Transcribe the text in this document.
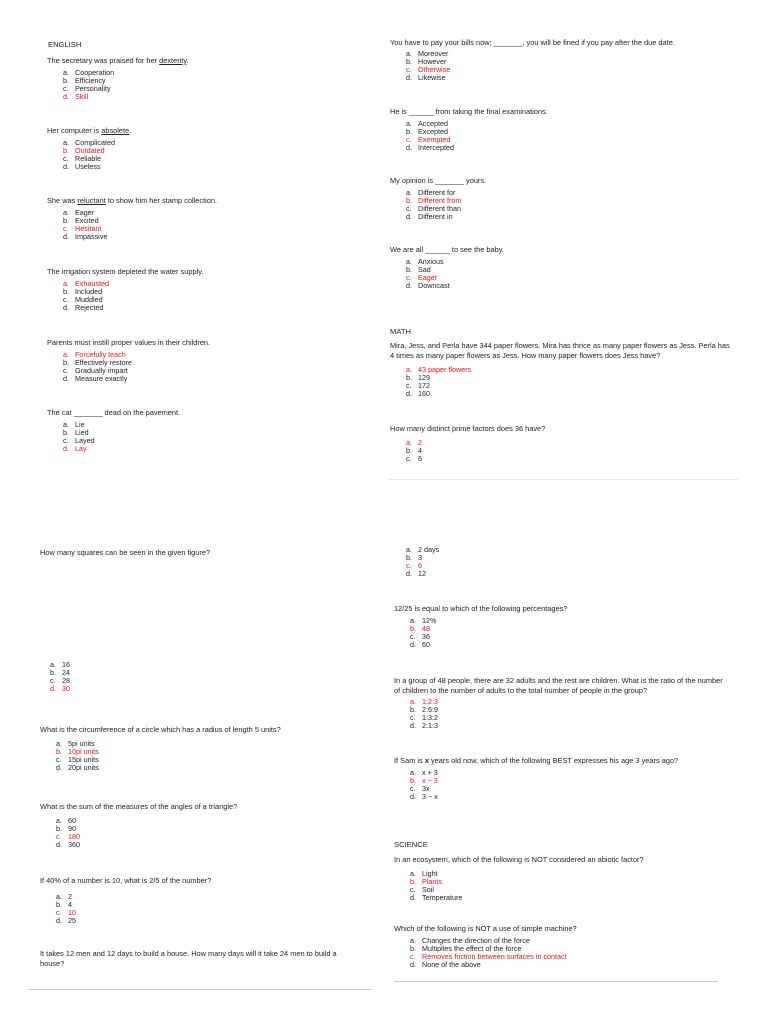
ENGLISH

The secretary was praised for her dexterity.

a. Cooperation
b. Efficiency
c. Personality
d. Skill

Her computer is absolete.

a. Complicated
b. Outdated
c. Reliable
d. Useless

She was reluctant to show him her stamp collection.

a. Eager
b. Excited
c. Hesitant
d. Impassive

The irrigation system depleted the water supply.

a. Exhausted
b. Included
c. Muddled
d. Rejected

Parents must instill proper values in their children.

a. Forcefully teach
b. Effectively restore
c. Gradually impart
d. Measure exactly

The cat _______ dead on the pavement.

a. Lie
b. Lied
c. Layed
d. Lay

You have to pay your bills now; _______, you will be fined if you pay after the due date.

a. Moreover
b. However
c. Otherwise
d. Likewise

He is ______ from taking the final examinations.

a. Accepted
b. Excepted
c. Exempted
d. Intercepted

My opinion is _______ yours.

a. Different for
b. Different from
c. Different than
d. Different in

We are all ______ to see the baby.

a. Anxious
b. Sad
c. Eager
d. Downcast
MATH

Mira, Jess, and Perla have 344 paper flowers. Mira has thrice as many paper flowers as Jess. Perla has 4 times as many paper flowers as Jess. How many paper flowers does Jess have?

a. 43 paper flowers
b. 129
c. 172
d. 160

How many distinct prime factors does 36 have?

a. 2
b. 4
c. 6

How many squares can be seen in the given figure?

a. 16
b. 24
c. 28
d. 30

What is the circumference of a circle which has a radius of length 5 units?

a. 5pi units
b. 10pi units
c. 15pi units
d. 20pi units

What is the sum of the measures of the angles of a triangle?

a. 60
b. 90
c. 180
d. 360

If 40% of a number is 10, what is 2/5 of the number?

a. 2
b. 4
c. 10
d. 25

It takes 12 men and 12 days to build a house. How many days will it take 24 men to build a house?

a. 2 days
b. 3
c. 6
d. 12

12/25 is equal to which of the following percentages?

a. 12%
b. 48
c. 36
d. 60

In a group of 48 people, there are 32 adults and the rest are children. What is the ratio of the number of children to the number of adults to the total number of people in the group?

a. 1:2:3
b. 2:6:9
c. 1:3:2
d. 2:1:3

If Sam is x years old now, which of the following BEST expresses his age 3 years ago?

a. x + 3
b. x − 3
c. 3x
d. 3 − x
SCIENCE

In an ecosystem, which of the following is NOT considered an abiotic factor?

a. Light
b. Plants
c. Soil
d. Temperature

Which of the following is NOT a use of simple machine?

a. Changes the direction of the force
b. Multiplies the effect of the force
c. Removes friction between surfaces in contact
d. None of the above
